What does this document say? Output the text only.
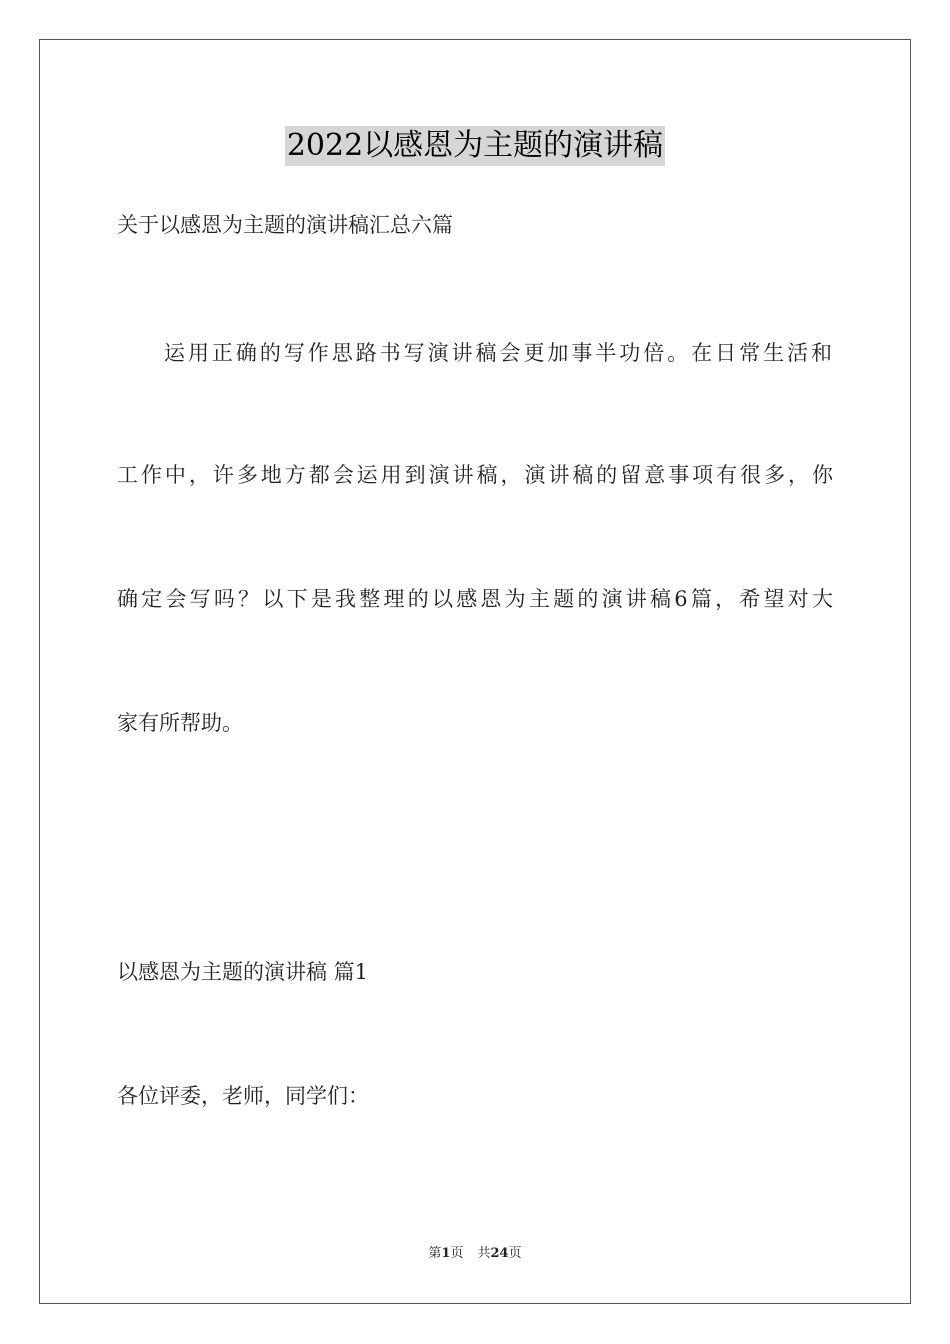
2022以感恩为主题的演讲稿
关于以感恩为主题的演讲稿汇总六篇
运用正确的写作思路书写演讲稿会更加事半功倍。在日常生活和
工作中，许多地方都会运用到演讲稿，演讲稿的留意事项有很多，你
确定会写吗？以下是我整理的以感恩为主题的演讲稿6篇，希望对大
家有所帮助。
以感恩为主题的演讲稿 篇1
各位评委，老师，同学们：
第1页 共24页
